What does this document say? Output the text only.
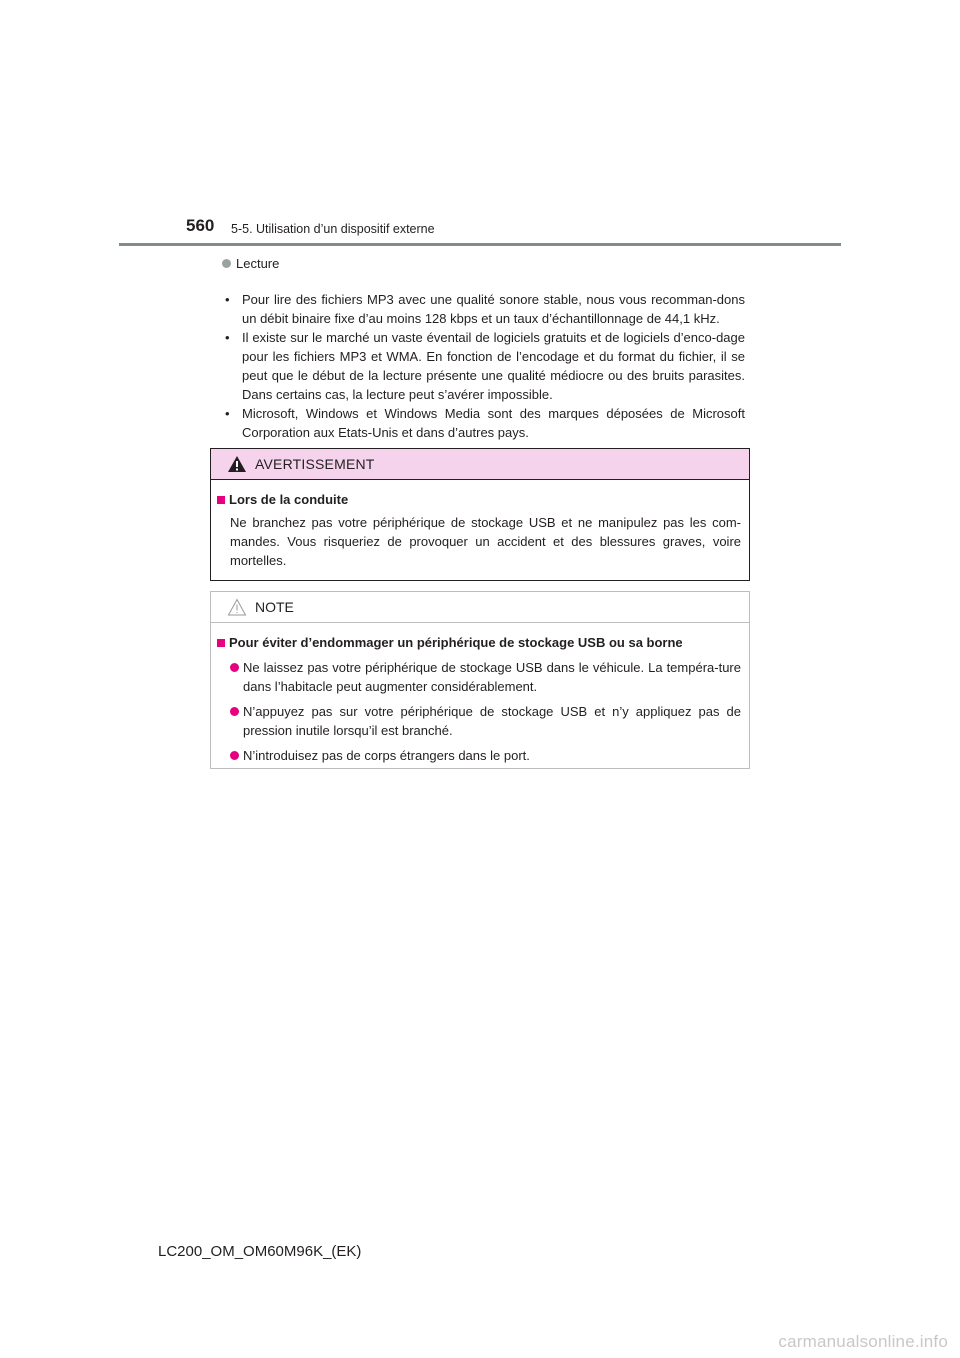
560 5-5. Utilisation d’un dispositif externe
Lecture
• Pour lire des fichiers MP3 avec une qualité sonore stable, nous vous recomman-dons un débit binaire fixe d’au moins 128 kbps et un taux d’échantillonnage de 44,1 kHz.
• Il existe sur le marché un vaste éventail de logiciels gratuits et de logiciels d’enco-dage pour les fichiers MP3 et WMA. En fonction de l’encodage et du format du fichier, il se peut que le début de la lecture présente une qualité médiocre ou des bruits parasites. Dans certains cas, la lecture peut s’avérer impossible.
• Microsoft, Windows et Windows Media sont des marques déposées de Microsoft Corporation aux Etats-Unis et dans d’autres pays.
AVERTISSEMENT
Lors de la conduite
Ne branchez pas votre périphérique de stockage USB et ne manipulez pas les com-mandes. Vous risqueriez de provoquer un accident et des blessures graves, voire mortelles.
NOTE
Pour éviter d’endommager un périphérique de stockage USB ou sa borne
Ne laissez pas votre périphérique de stockage USB dans le véhicule. La tempéra-ture dans l’habitacle peut augmenter considérablement.
N’appuyez pas sur votre périphérique de stockage USB et n’y appliquez pas de pression inutile lorsqu’il est branché.
N’introduisez pas de corps étrangers dans le port.
LC200_OM_OM60M96K_(EK)
carmanualsonline.info
